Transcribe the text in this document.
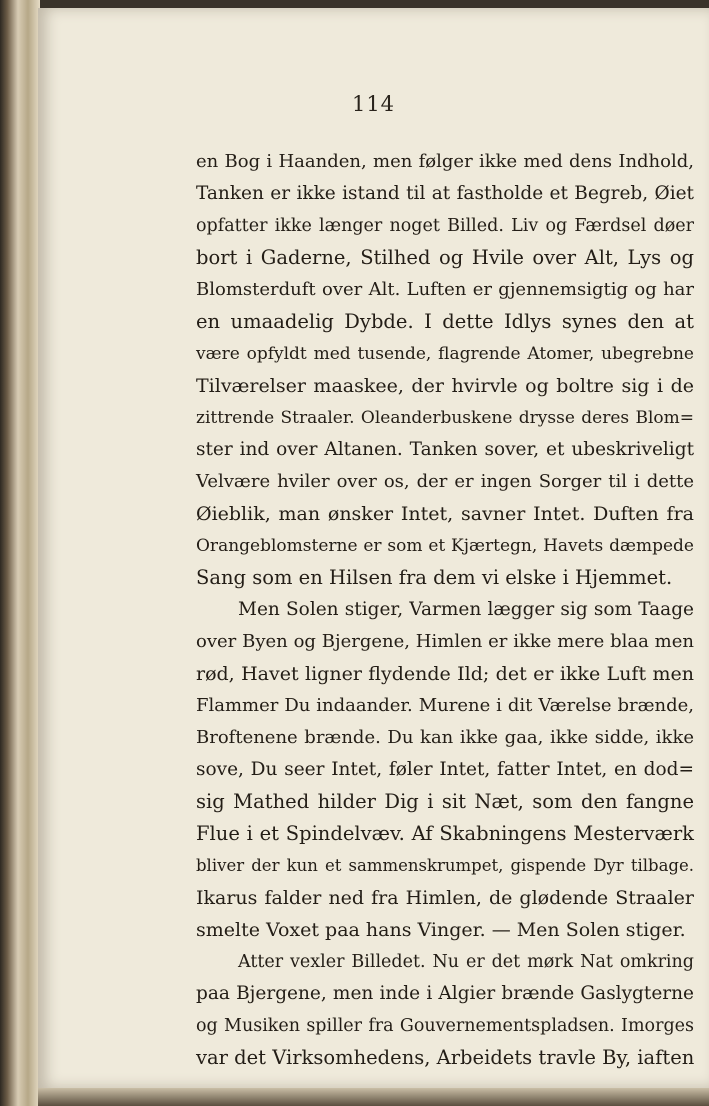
114
en Bog i Haanden, men følger ikke med dens Indhold,
Tanken er ikke istand til at fastholde et Begreb, Øiet
opfatter ikke længer noget Billed. Liv og Færdsel døer
bort i Gaderne, Stilhed og Hvile over Alt, Lys og
Blomsterduft over Alt. Luften er gjennemsigtig og har
en umaadelig Dybde. I dette Idlys synes den at
være opfyldt med tusende, flagrende Atomer, ubegrebne
Tilværelser maaskee, der hvirvle og boltre sig i de
zittrende Straaler. Oleanderbuskene drysse deres Blom=
ster ind over Altanen. Tanken sover, et ubeskriveligt
Velvære hviler over os, der er ingen Sorger til i dette
Øieblik, man ønsker Intet, savner Intet. Duften fra
Orangeblomsterne er som et Kjærtegn, Havets dæmpede
Sang som en Hilsen fra dem vi elske i Hjemmet.
Men Solen stiger, Varmen lægger sig som Taage
over Byen og Bjergene, Himlen er ikke mere blaa men
rød, Havet ligner flydende Ild; det er ikke Luft men
Flammer Du indaander. Murene i dit Værelse brænde,
Broftenene brænde. Du kan ikke gaa, ikke sidde, ikke
sove, Du seer Intet, føler Intet, fatter Intet, en dod=
sig Mathed hilder Dig i sit Næt, som den fangne
Flue i et Spindelvæv. Af Skabningens Mesterværk
bliver der kun et sammenskrumpet, gispende Dyr tilbage.
Ikarus falder ned fra Himlen, de glødende Straaler
smelte Voxet paa hans Vinger. — Men Solen stiger.
Atter vexler Billedet. Nu er det mørk Nat omkring
paa Bjergene, men inde i Algier brænde Gaslygterne
og Musiken spiller fra Gouvernementspladsen. Imorges
var det Virksomhedens, Arbeidets travle By, iaften
